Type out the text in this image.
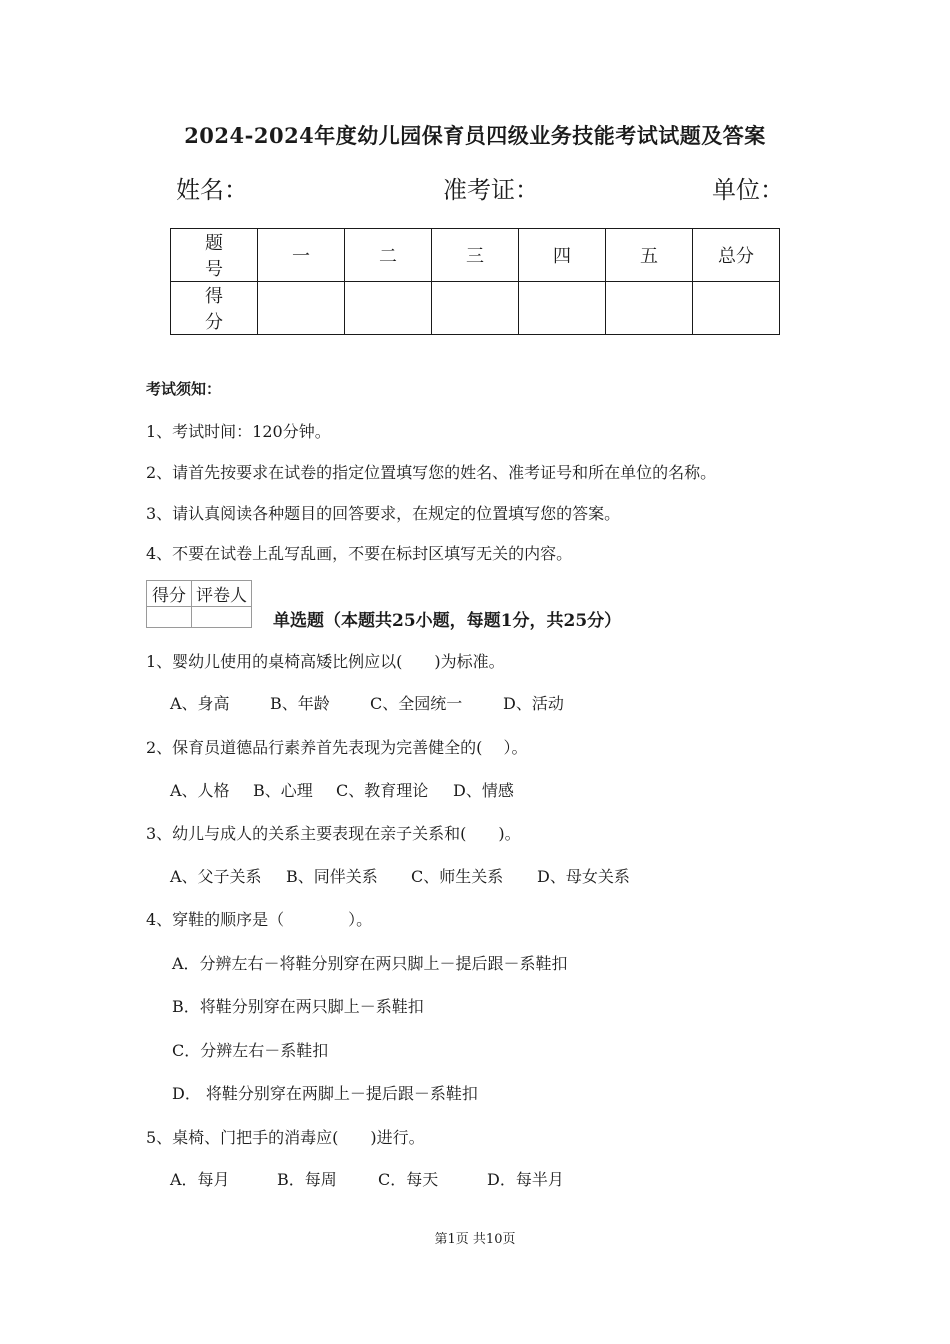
2024-2024年度幼儿园保育员四级业务技能考试试题及答案
姓名：	准考证：	单位：
题号	一	二	三	四	五	总分
得分						
考试须知：
1、考试时间：120分钟。
2、请首先按要求在试卷的指定位置填写您的姓名、准考证号和所在单位的名称。
3、请认真阅读各种题目的回答要求，在规定的位置填写您的答案。
4、不要在试卷上乱写乱画，不要在标封区填写无关的内容。
得分	评卷人

单选题（本题共25小题，每题1分，共25分）
1、婴幼儿使用的桌椅高矮比例应以(　　)为标准。
A、身高	B、年龄	C、全园统一	D、活动
2、保育员道德品行素养首先表现为完善健全的(　 ）。
A、人格 B、心理 C、教育理论 D、情感
3、幼儿与成人的关系主要表现在亲子关系和(　　)。
A、父子关系 B、同伴关系 C、师生关系 D、母女关系
4、穿鞋的顺序是（　　　　）。
A．分辨左右－将鞋分别穿在两只脚上－提后跟－系鞋扣
B．将鞋分别穿在两只脚上－系鞋扣
C．分辨左右－系鞋扣
D． 将鞋分别穿在两脚上－提后跟－系鞋扣
5、桌椅、门把手的消毒应(　　)进行。
A．每月	B．每周	C．每天	D．每半月
第1页 共10页
